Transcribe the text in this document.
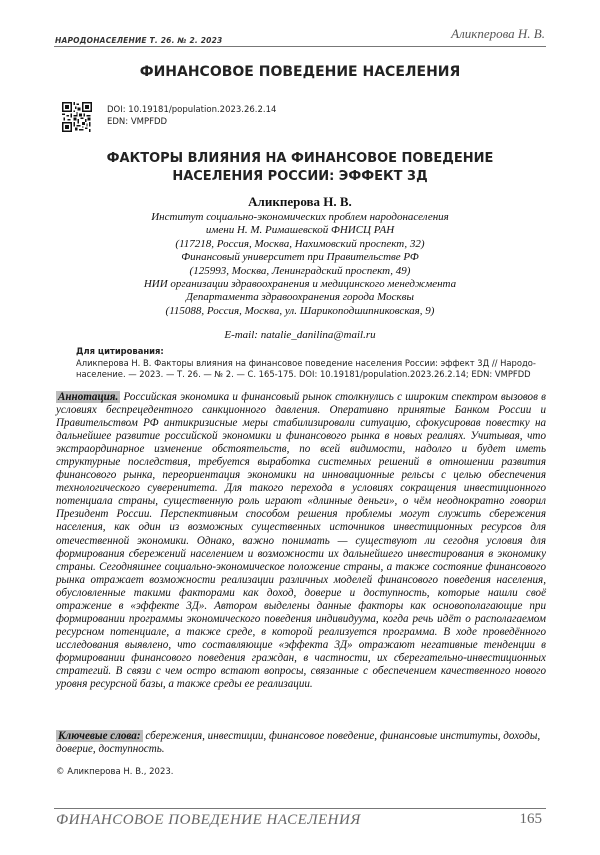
НАРОДОНАСЕЛЕНИЕ Т. 26. № 2. 2023	Аликперова Н. В.
ФИНАНСОВОЕ ПОВЕДЕНИЕ НАСЕЛЕНИЯ
DOI: 10.19181/population.2023.26.2.14
EDN: VMPFDD
ФАКТОРЫ ВЛИЯНИЯ НА ФИНАНСОВОЕ ПОВЕДЕНИЕ
НАСЕЛЕНИЯ РОССИИ: ЭФФЕКТ 3Д
Аликперова Н. В.
Институт социально-экономических проблем народонаселения
имени Н. М. Римашевской ФНИСЦ РАН
(117218, Россия, Москва, Нахимовский проспект, 32)
Финансовый университет при Правительстве РФ
(125993, Москва, Ленинградский проспект, 49)
НИИ организации здравоохранения и медицинского менеджмента
Департамента здравоохранения города Москвы
(115088, Россия, Москва, ул. Шарикоподшипниковская, 9)
E-mail: natalie_danilina@mail.ru
Для цитирования:
Аликперова Н. В. Факторы влияния на финансовое поведение населения России: эффект 3Д // Народо-
население. — 2023. — Т. 26. — № 2. — С. 165-175. DOI: 10.19181/population.2023.26.2.14; EDN: VMPFDD
Аннотация. Российская экономика и финансовый рынок столкнулись с широким спектром вызовов в условиях беспрецедентного санкционного давления. Оперативно принятые Банком России и Правительством РФ антикризисные меры стабилизировали ситуацию, сфокусировав повестку на дальнейшее развитие российской экономики и финансового рынка в новых реалиях. Учитывая, что экстраординарное изменение обстоятельств, по всей видимости, надолго и будет иметь структурные последствия, требуется выработка системных решений в отношении развития финансового рынка, переориентация экономики на инновационные рельсы с целью обеспечения технологического суверенитета. Для такого перехода в условиях сокращения инвестиционного потенциала страны, существенную роль играют «длинные деньги», о чём неоднократно говорил Президент России. Перспективным способом решения проблемы могут служить сбережения населения, как один из возможных существенных источников инвестиционных ресурсов для отечественной экономики. Однако, важно понимать — существуют ли сегодня условия для формирования сбережений населением и возможности их дальнейшего инвестирования в экономику страны. Сегодняшнее социально-экономическое положение страны, а также состояние финансового рынка отражает возможности реализации различных моделей финансового поведения населения, обусловленные такими факторами как доход, доверие и доступность, которые нашли своё отражение в «эффекте 3Д». Автором выделены данные факторы как основополагающие при формировании программы экономического поведения индивидуума, когда речь идёт о располагаемом ресурсном потенциале, а также среде, в которой реализуется программа. В ходе проведённого исследования выявлено, что составляющие «эффекта 3Д» отражают негативные тенденции в формировании финансового поведения граждан, в частности, их сберегательно-инвестиционных стратегий. В связи с чем остро встают вопросы, связанные с обеспечением качественного нового уровня ресурсной базы, а также среды ее реализации.
Ключевые слова: сбережения, инвестиции, финансовое поведение, финансовые институты, доходы, доверие, доступность.
© Аликперова Н. В., 2023.
ФИНАНСОВОЕ ПОВЕДЕНИЕ НАСЕЛЕНИЯ	165
